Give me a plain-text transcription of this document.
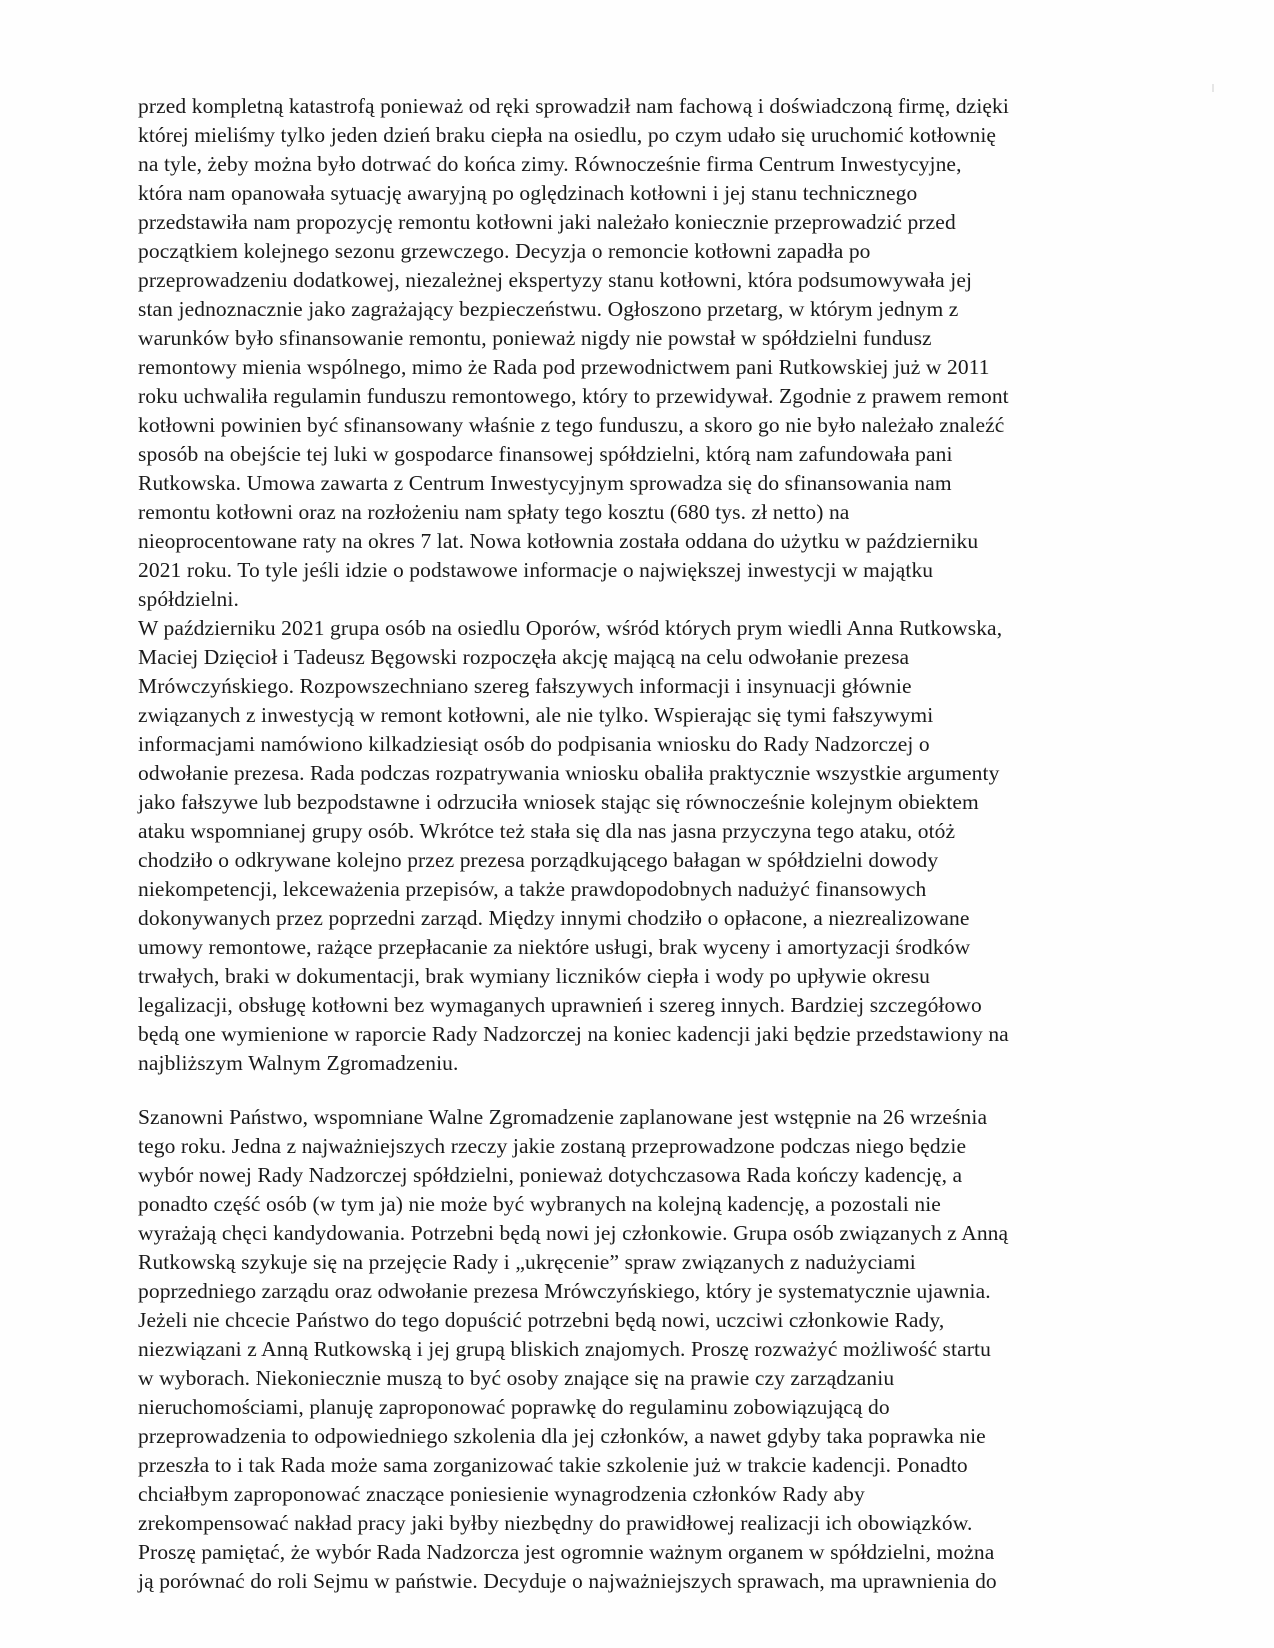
przed kompletną katastrofą ponieważ od ręki sprowadził nam fachową i doświadczoną firmę, dzięki
której mieliśmy tylko jeden dzień braku ciepła na osiedlu, po czym udało się uruchomić kotłownię
na tyle, żeby można było dotrwać do końca zimy. Równocześnie firma Centrum Inwestycyjne,
która nam opanowała sytuację awaryjną po oględzinach kotłowni i jej stanu technicznego
przedstawiła nam propozycję remontu kotłowni jaki należało koniecznie przeprowadzić przed
początkiem kolejnego sezonu grzewczego. Decyzja o remoncie kotłowni zapadła po
przeprowadzeniu dodatkowej, niezależnej ekspertyzy stanu kotłowni, która podsumowywała jej
stan jednoznacznie jako zagrażający bezpieczeństwu. Ogłoszono przetarg, w którym jednym z
warunków było sfinansowanie remontu, ponieważ nigdy nie powstał w spółdzielni fundusz
remontowy mienia wspólnego, mimo że Rada pod przewodnictwem pani Rutkowskiej już w 2011
roku uchwaliła regulamin funduszu remontowego, który to przewidywał. Zgodnie z prawem remont
kotłowni powinien być sfinansowany właśnie z tego funduszu, a skoro go nie było należało znaleźć
sposób na obejście tej luki w gospodarce finansowej spółdzielni, którą nam zafundowała pani
Rutkowska. Umowa zawarta z Centrum Inwestycyjnym sprowadza się do sfinansowania nam
remontu kotłowni oraz na rozłożeniu nam spłaty tego kosztu (680 tys. zł netto) na
nieoprocentowane raty na okres 7 lat. Nowa kotłownia została oddana do użytku w październiku
2021 roku. To tyle jeśli idzie o podstawowe informacje o największej inwestycji w majątku
spółdzielni.
W październiku 2021 grupa osób na osiedlu Oporów, wśród których prym wiedli Anna Rutkowska,
Maciej Dzięcioł i Tadeusz Bęgowski rozpoczęła akcję mającą na celu odwołanie prezesa
Mrówczyńskiego. Rozpowszechniano szereg fałszywych informacji i insynuacji głównie
związanych z inwestycją w remont kotłowni, ale nie tylko. Wspierając się tymi fałszywymi
informacjami namówiono kilkadziesiąt osób do podpisania wniosku do Rady Nadzorczej o
odwołanie prezesa. Rada podczas rozpatrywania wniosku obaliła praktycznie wszystkie argumenty
jako fałszywe lub bezpodstawne i odrzuciła wniosek stając się równocześnie kolejnym obiektem
ataku wspomnianej grupy osób. Wkrótce też stała się dla nas jasna przyczyna tego ataku, otóż
chodziło o odkrywane kolejno przez prezesa porządkującego bałagan w spółdzielni dowody
niekompetencji, lekceważenia przepisów, a także prawdopodobnych nadużyć finansowych
dokonywanych przez poprzedni zarząd. Między innymi chodziło o opłacone, a niezrealizowane
umowy remontowe, rażące przepłacanie za niektóre usługi, brak wyceny i amortyzacji środków
trwałych, braki w dokumentacji, brak wymiany liczników ciepła i wody po upływie okresu
legalizacji, obsługę kotłowni bez wymaganych uprawnień i szereg innych. Bardziej szczegółowo
będą one wymienione w raporcie Rady Nadzorczej na koniec kadencji jaki będzie przedstawiony na
najbliższym Walnym Zgromadzeniu.
Szanowni Państwo, wspomniane Walne Zgromadzenie zaplanowane jest wstępnie na 26 września
tego roku. Jedna z najważniejszych rzeczy jakie zostaną przeprowadzone podczas niego będzie
wybór nowej Rady Nadzorczej spółdzielni, ponieważ dotychczasowa Rada kończy kadencję, a
ponadto część osób (w tym ja) nie może być wybranych na kolejną kadencję, a pozostali nie
wyrażają chęci kandydowania. Potrzebni będą nowi jej członkowie. Grupa osób związanych z Anną
Rutkowską szykuje się na przejęcie Rady i „ukręcenie” spraw związanych z nadużyciami
poprzedniego zarządu oraz odwołanie prezesa Mrówczyńskiego, który je systematycznie ujawnia.
Jeżeli nie chcecie Państwo do tego dopuścić potrzebni będą nowi, uczciwi członkowie Rady,
niezwiązani z Anną Rutkowską i jej grupą bliskich znajomych. Proszę rozważyć możliwość startu
w wyborach. Niekoniecznie muszą to być osoby znające się na prawie czy zarządzaniu
nieruchomościami, planuję zaproponować poprawkę do regulaminu zobowiązującą do
przeprowadzenia to odpowiedniego szkolenia dla jej członków, a nawet gdyby taka poprawka nie
przeszła to i tak Rada może sama zorganizować takie szkolenie już w trakcie kadencji. Ponadto
chciałbym zaproponować znaczące poniesienie wynagrodzenia członków Rady aby
zrekompensować nakład pracy jaki byłby niezbędny do prawidłowej realizacji ich obowiązków.
Proszę pamiętać, że wybór Rada Nadzorcza jest ogromnie ważnym organem w spółdzielni, można
ją porównać do roli Sejmu w państwie. Decyduje o najważniejszych sprawach, ma uprawnienia do
